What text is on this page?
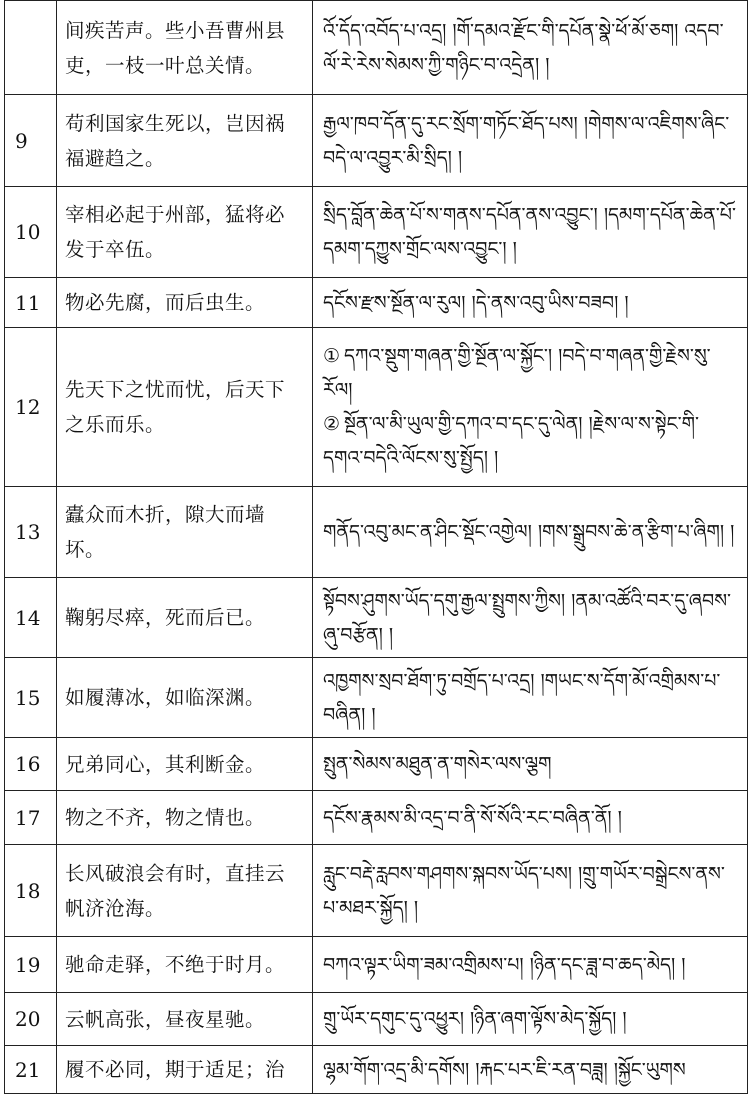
	间疾苦声。些小吾曹州县吏，一枝一叶总关情。	འོ་དོད་འབོད་པ་འདྲ། །གོ་དམའ་རྫོང་གི་དཔོན་སྣེ་ཕོ་མོ་ཅག། འདབ་ལོ་རེ་རེས་སེམས་ཀྱི་གཉིང་བ་འདྲེན། །

9	苟利国家生死以，岂因祸福避趋之。	རྒྱལ་ཁབ་དོན་དུ་རང་སྲོག་གཏོང་ཐོད་པས། །གེགས་ལ་འཇིགས་ཞིང་བདེ་ལ་འབྱུར་མི་སྲིད། །

10	宰相必起于州部，猛将必发于卒伍。	སྲིད་བློན་ཆེན་པོ་ས་གནས་དཔོན་ནས་འབྱུང་། །དམག་དཔོན་ཆེན་པོ་དམག་དཀྱུས་གྲོང་ལས་འབྱུང་། །

11	物必先腐，而后虫生。	དངོས་རྫས་སྔོན་ལ་རུལ། །དེ་ནས་འབུ་ཡིས་བཟབ། །

12	先天下之忧而忧，后天下之乐而乐。	① དཀའ་སྡུག་གཞན་གྱི་སྔོན་ལ་སྐྱོང་། །བདེ་བ་གཞན་གྱི་རྗེས་སུ་རོལ།
② སྔོན་ལ་མི་ཡུལ་གྱི་དཀའ་བ་དང་དུ་ལེན། །རྗེས་ལ་ས་སྟེང་གི་དགའ་བདེའི་ལོངས་སུ་སྤྱོད། །

13	蠹众而木折，隙大而墙坏。	གནོད་འབུ་མང་ན་ཤིང་སྡོང་འགྱེལ། །གས་སྒྲུབས་ཆེ་ན་རྩིག་པ་ཞིག། །

14	鞠躬尽瘁，死而后已。	སྟོབས་ཤུགས་ཡོད་དགུ་རྒྱལ་སྤྲུགས་ཀྱིས། །ནམ་འཚོའི་བར་དུ་ཞབས་ཞུ་བརྩོན། །

15	如履薄冰，如临深渊。	འཁྱགས་སྲབ་ཐོག་ཏུ་བགྲོད་པ་འདྲ། །གཡང་ས་དོག་མོ་འགྲིམས་པ་བཞིན། །

16	兄弟同心，其利断金。	སྤུན་སེམས་མཐུན་ན་གསེར་ལས་ལྕག

17	物之不齐，物之情也。	དངོས་རྣམས་མི་འདྲ་བ་ནི་སོ་སོའི་རང་བཞིན་ནོ། །

18	长风破浪会有时，直挂云帆济沧海。	རླུང་བརྡེ་རླབས་གཤགས་སྐབས་ཡོད་པས། །གྲུ་གཡོར་བསྒྲེངས་ནས་པ་མཐར་སྐྱོད། །

19	驰命走驿，不绝于时月。	བཀའ་ལྟར་ཡིག་ཟམ་འགྲིམས་པ། །ཉིན་དང་ཟླ་བ་ཆད་མེད། །

20	云帆高张，昼夜星驰。	གྲུ་ཡོར་དགུང་དུ་འཕྱུར། །ཉིན་ཞག་ལྟོས་མེད་སྐྱོད། །

21	履不必同，期于适足；治	ལྷམ་གོག་འདྲ་མི་དགོས། །རྐང་པར་ཇི་རན་བཟླ། །སྐྱོང་ཡུགས
